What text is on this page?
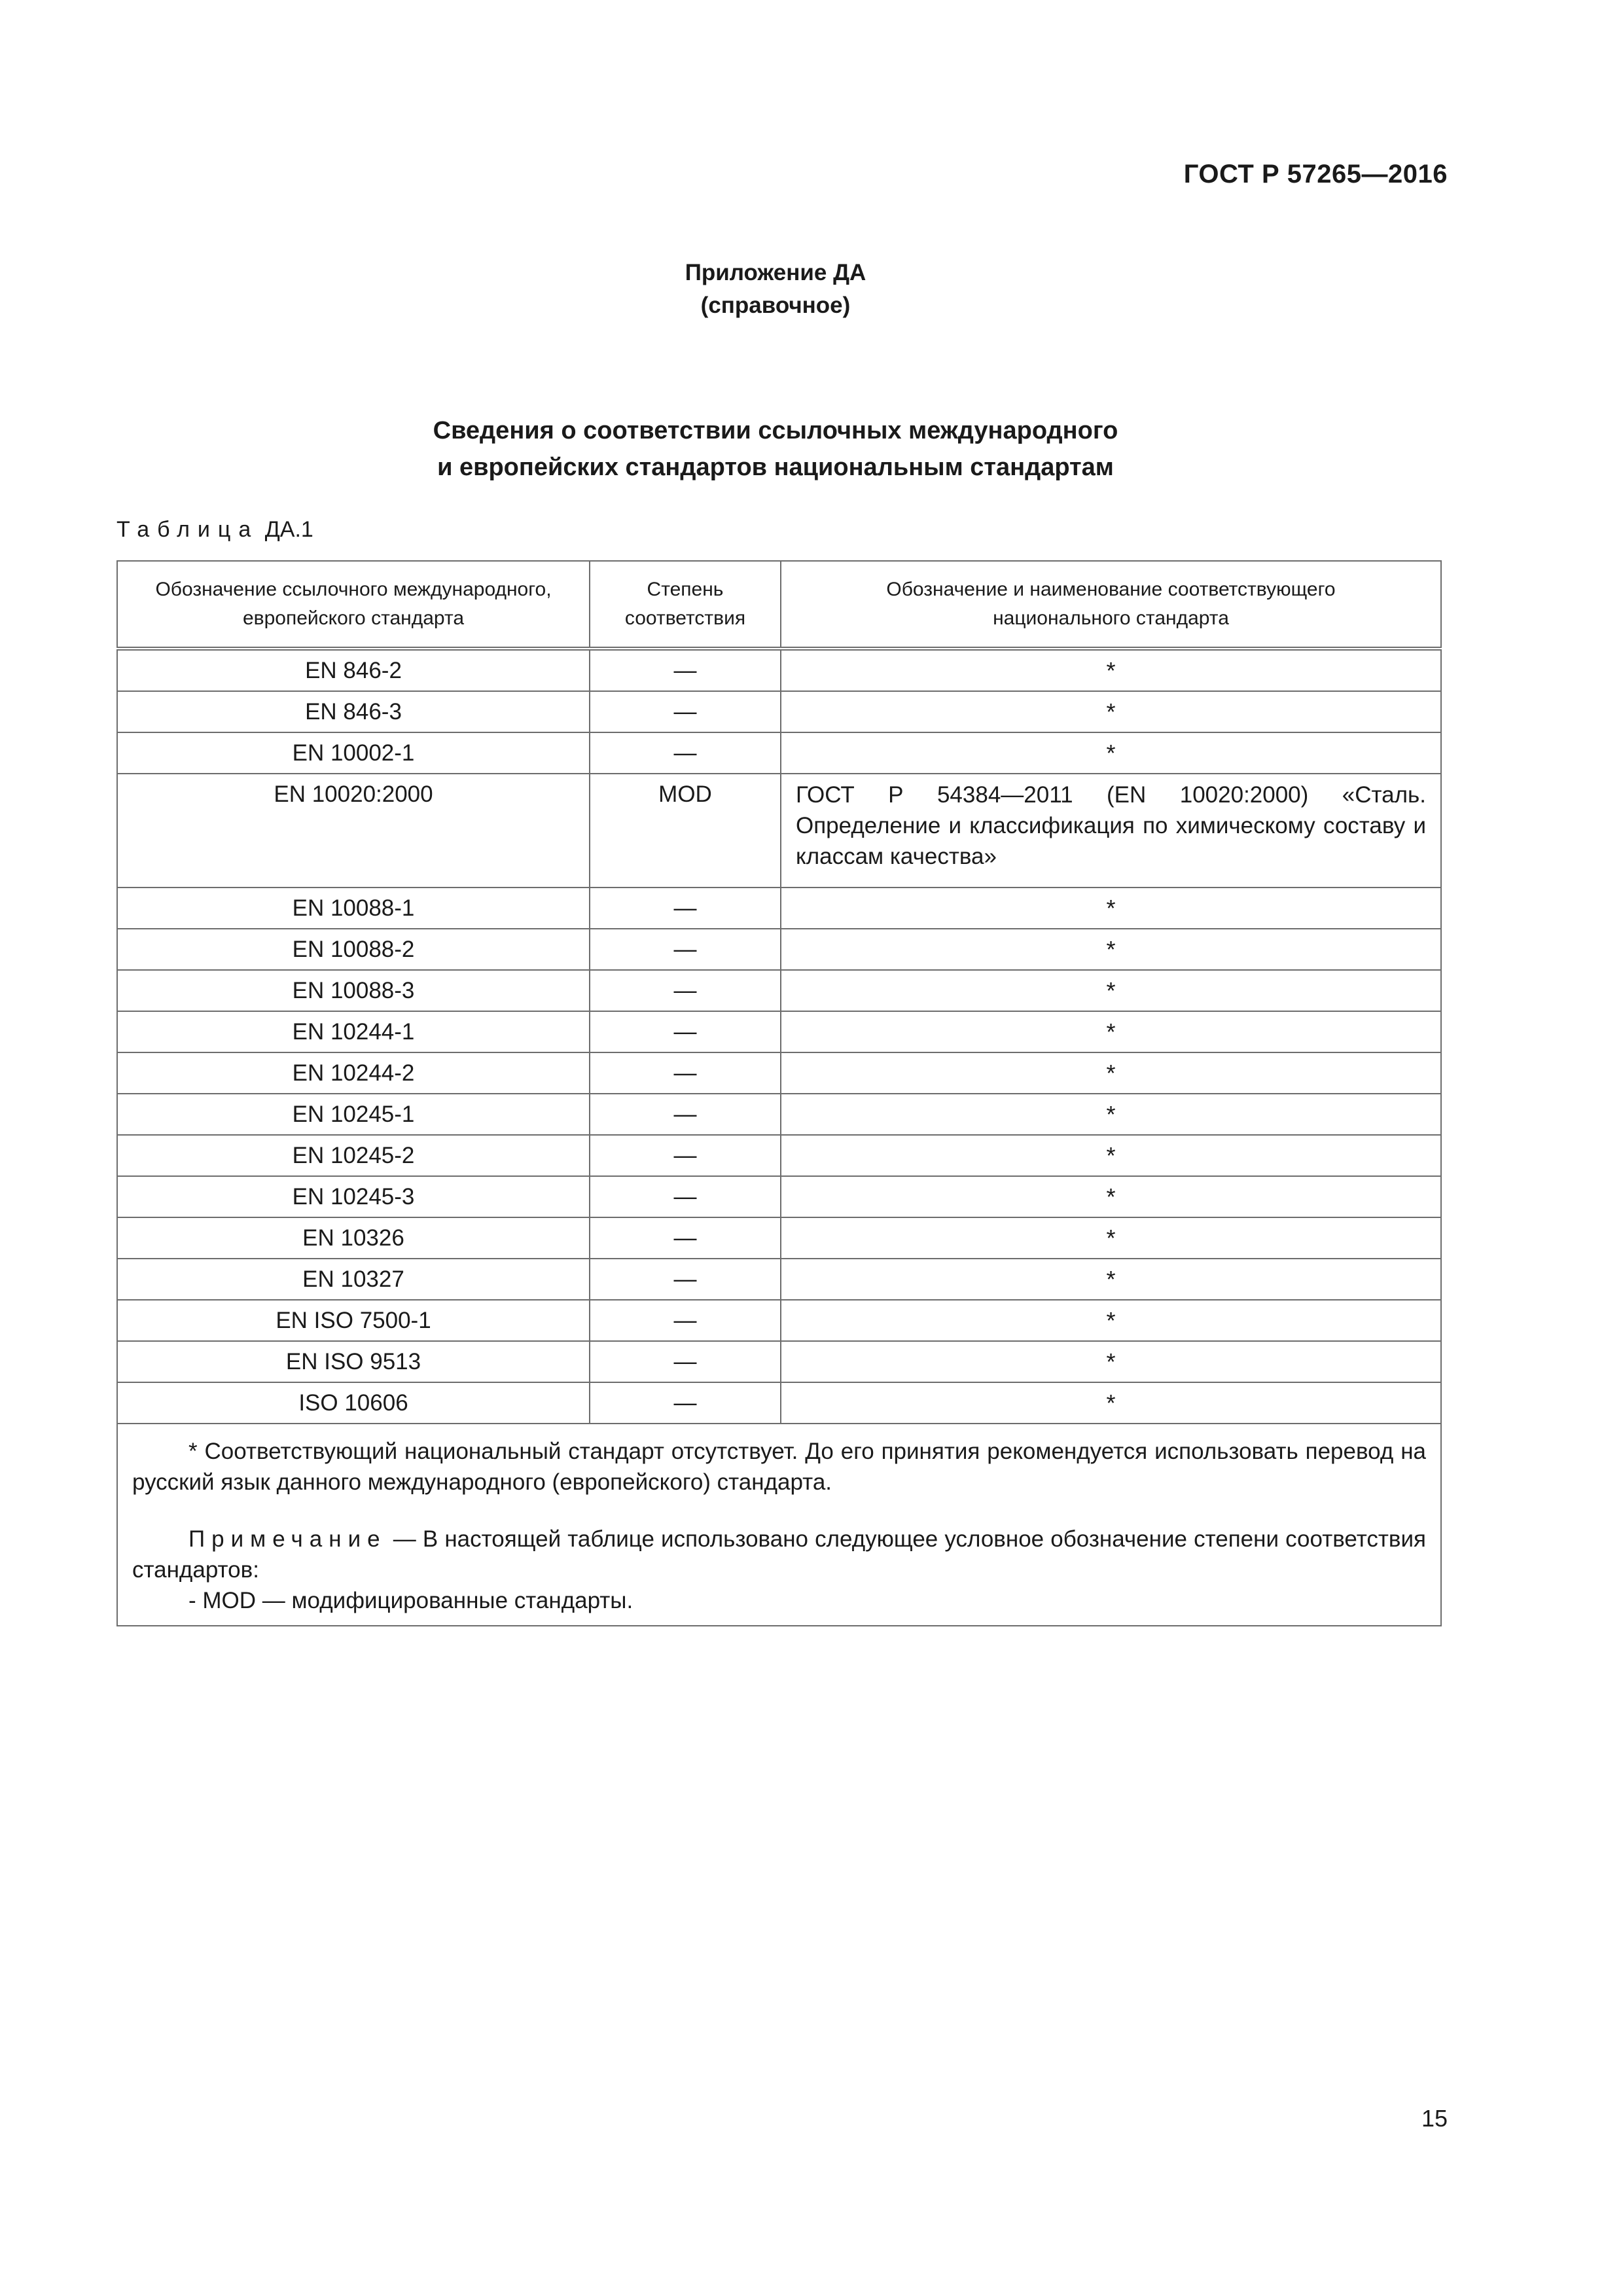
ГОСТ Р 57265—2016
Приложение ДА
(справочное)
Сведения о соответствии ссылочных международного
и европейских стандартов национальным стандартам
Таблица ДА.1
Обозначение ссылочного международного, европейского стандарта	Степень соответствия	Обозначение и наименование соответствующего национального стандарта
EN 846-2	—	*
EN 846-3	—	*
EN 10002-1	—	*
EN 10020:2000	MOD	ГОСТ Р 54384—2011 (EN 10020:2000) «Сталь. Определение и классификация по химическому составу и классам качества»
EN 10088-1	—	*
EN 10088-2	—	*
EN 10088-3	—	*
EN 10244-1	—	*
EN 10244-2	—	*
EN 10245-1	—	*
EN 10245-2	—	*
EN 10245-3	—	*
EN 10326	—	*
EN 10327	—	*
EN ISO 7500-1	—	*
EN ISO 9513	—	*
ISO 10606	—	*

* Соответствующий национальный стандарт отсутствует. До его принятия рекомендуется использовать перевод на русский язык данного международного (европейского) стандарта.

Примечание — В настоящей таблице использовано следующее условное обозначение степени соответствия стандартов:

- MOD — модифицированные стандарты.		

15
